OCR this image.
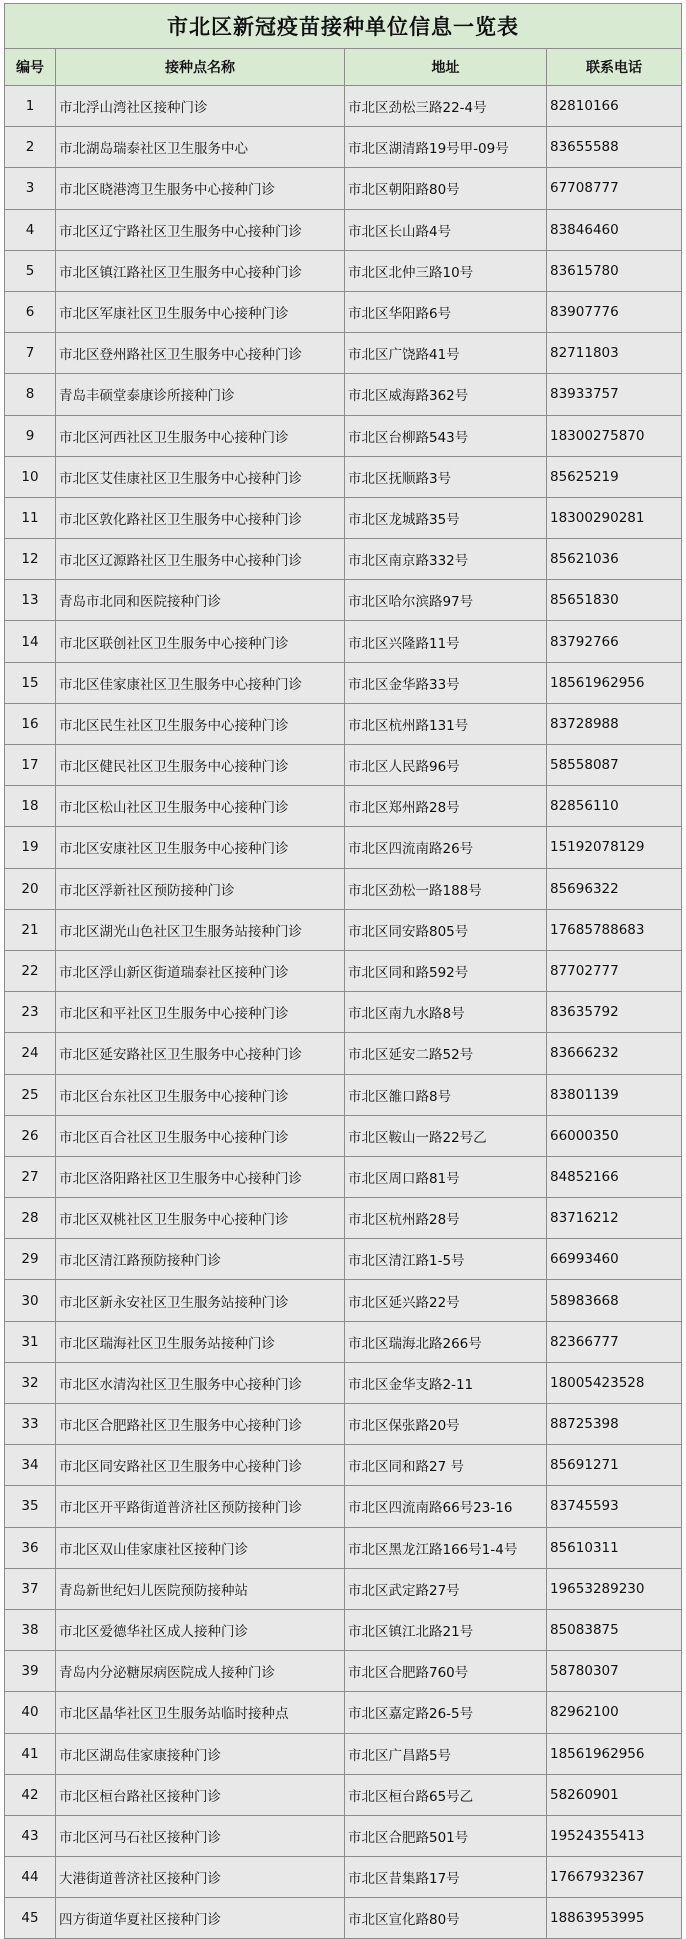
市北区新冠疫苗接种单位信息一览表			
编号	接种点名称	地址	联系电话
1	市北浮山湾社区接种门诊	市北区劲松三路22-4号	82810166
2	市北湖岛瑞泰社区卫生服务中心	市北区湖清路19号甲-09号	83655588
3	市北区晓港湾卫生服务中心接种门诊	市北区朝阳路80号	67708777
4	市北区辽宁路社区卫生服务中心接种门诊	市北区长山路4号	83846460
5	市北区镇江路社区卫生服务中心接种门诊	市北区北仲三路10号	83615780
6	市北区军康社区卫生服务中心接种门诊	市北区华阳路6号	83907776
7	市北区登州路社区卫生服务中心接种门诊	市北区广饶路41号	82711803
8	青岛丰硕堂泰康诊所接种门诊	市北区威海路362号	83933757
9	市北区河西社区卫生服务中心接种门诊	市北区台柳路543号	18300275870
10	市北区艾佳康社区卫生服务中心接种门诊	市北区抚顺路3号	85625219
11	市北区敦化路社区卫生服务中心接种门诊	市北区龙城路35号	18300290281
12	市北区辽源路社区卫生服务中心接种门诊	市北区南京路332号	85621036
13	青岛市北同和医院接种门诊	市北区哈尔滨路97号	85651830
14	市北区联创社区卫生服务中心接种门诊	市北区兴隆路11号	83792766
15	市北区佳家康社区卫生服务中心接种门诊	市北区金华路33号	18561962956
16	市北区民生社区卫生服务中心接种门诊	市北区杭州路131号	83728988
17	市北区健民社区卫生服务中心接种门诊	市北区人民路96号	58558087
18	市北区松山社区卫生服务中心接种门诊	市北区郑州路28号	82856110
19	市北区安康社区卫生服务中心接种门诊	市北区四流南路26号	15192078129
20	市北区浮新社区预防接种门诊	市北区劲松一路188号	85696322
21	市北区湖光山色社区卫生服务站接种门诊	市北区同安路805号	17685788683
22	市北区浮山新区街道瑞泰社区接种门诊	市北区同和路592号	87702777
23	市北区和平社区卫生服务中心接种门诊	市北区南九水路8号	83635792
24	市北区延安路社区卫生服务中心接种门诊	市北区延安二路52号	83666232
25	市北区台东社区卫生服务中心接种门诊	市北区雒口路8号	83801139
26	市北区百合社区卫生服务中心接种门诊	市北区鞍山一路22号乙	66000350
27	市北区洛阳路社区卫生服务中心接种门诊	市北区周口路81号	84852166
28	市北区双桃社区卫生服务中心接种门诊	市北区杭州路28号	83716212
29	市北区清江路预防接种门诊	市北区清江路1-5号	66993460
30	市北区新永安社区卫生服务站接种门诊	市北区延兴路22号	58983668
31	市北区瑞海社区卫生服务站接种门诊	市北区瑞海北路266号	82366777
32	市北区水清沟社区卫生服务中心接种门诊	市北区金华支路2-11	18005423528
33	市北区合肥路社区卫生服务中心接种门诊	市北区保张路20号	88725398
34	市北区同安路社区卫生服务中心接种门诊	市北区同和路27 号	85691271
35	市北区开平路街道普济社区预防接种门诊	市北区四流南路66号23-16	83745593
36	市北区双山佳家康社区接种门诊	市北区黑龙江路166号1-4号	85610311
37	青岛新世纪妇儿医院预防接种站	市北区武定路27号	19653289230
38	市北区爱德华社区成人接种门诊	市北区镇江北路21号	85083875
39	青岛内分泌糖尿病医院成人接种门诊	市北区合肥路760号	58780307
40	市北区晶华社区卫生服务站临时接种点	市北区嘉定路26-5号	82962100
41	市北区湖岛佳家康接种门诊	市北区广昌路5号	18561962956
42	市北区桓台路社区接种门诊	市北区桓台路65号乙	58260901
43	市北区河马石社区接种门诊	市北区合肥路501号	19524355413
44	大港街道普济社区接种门诊	市北区昔集路17号	17667932367
45	四方街道华夏社区接种门诊	市北区宣化路80号	18863953995
